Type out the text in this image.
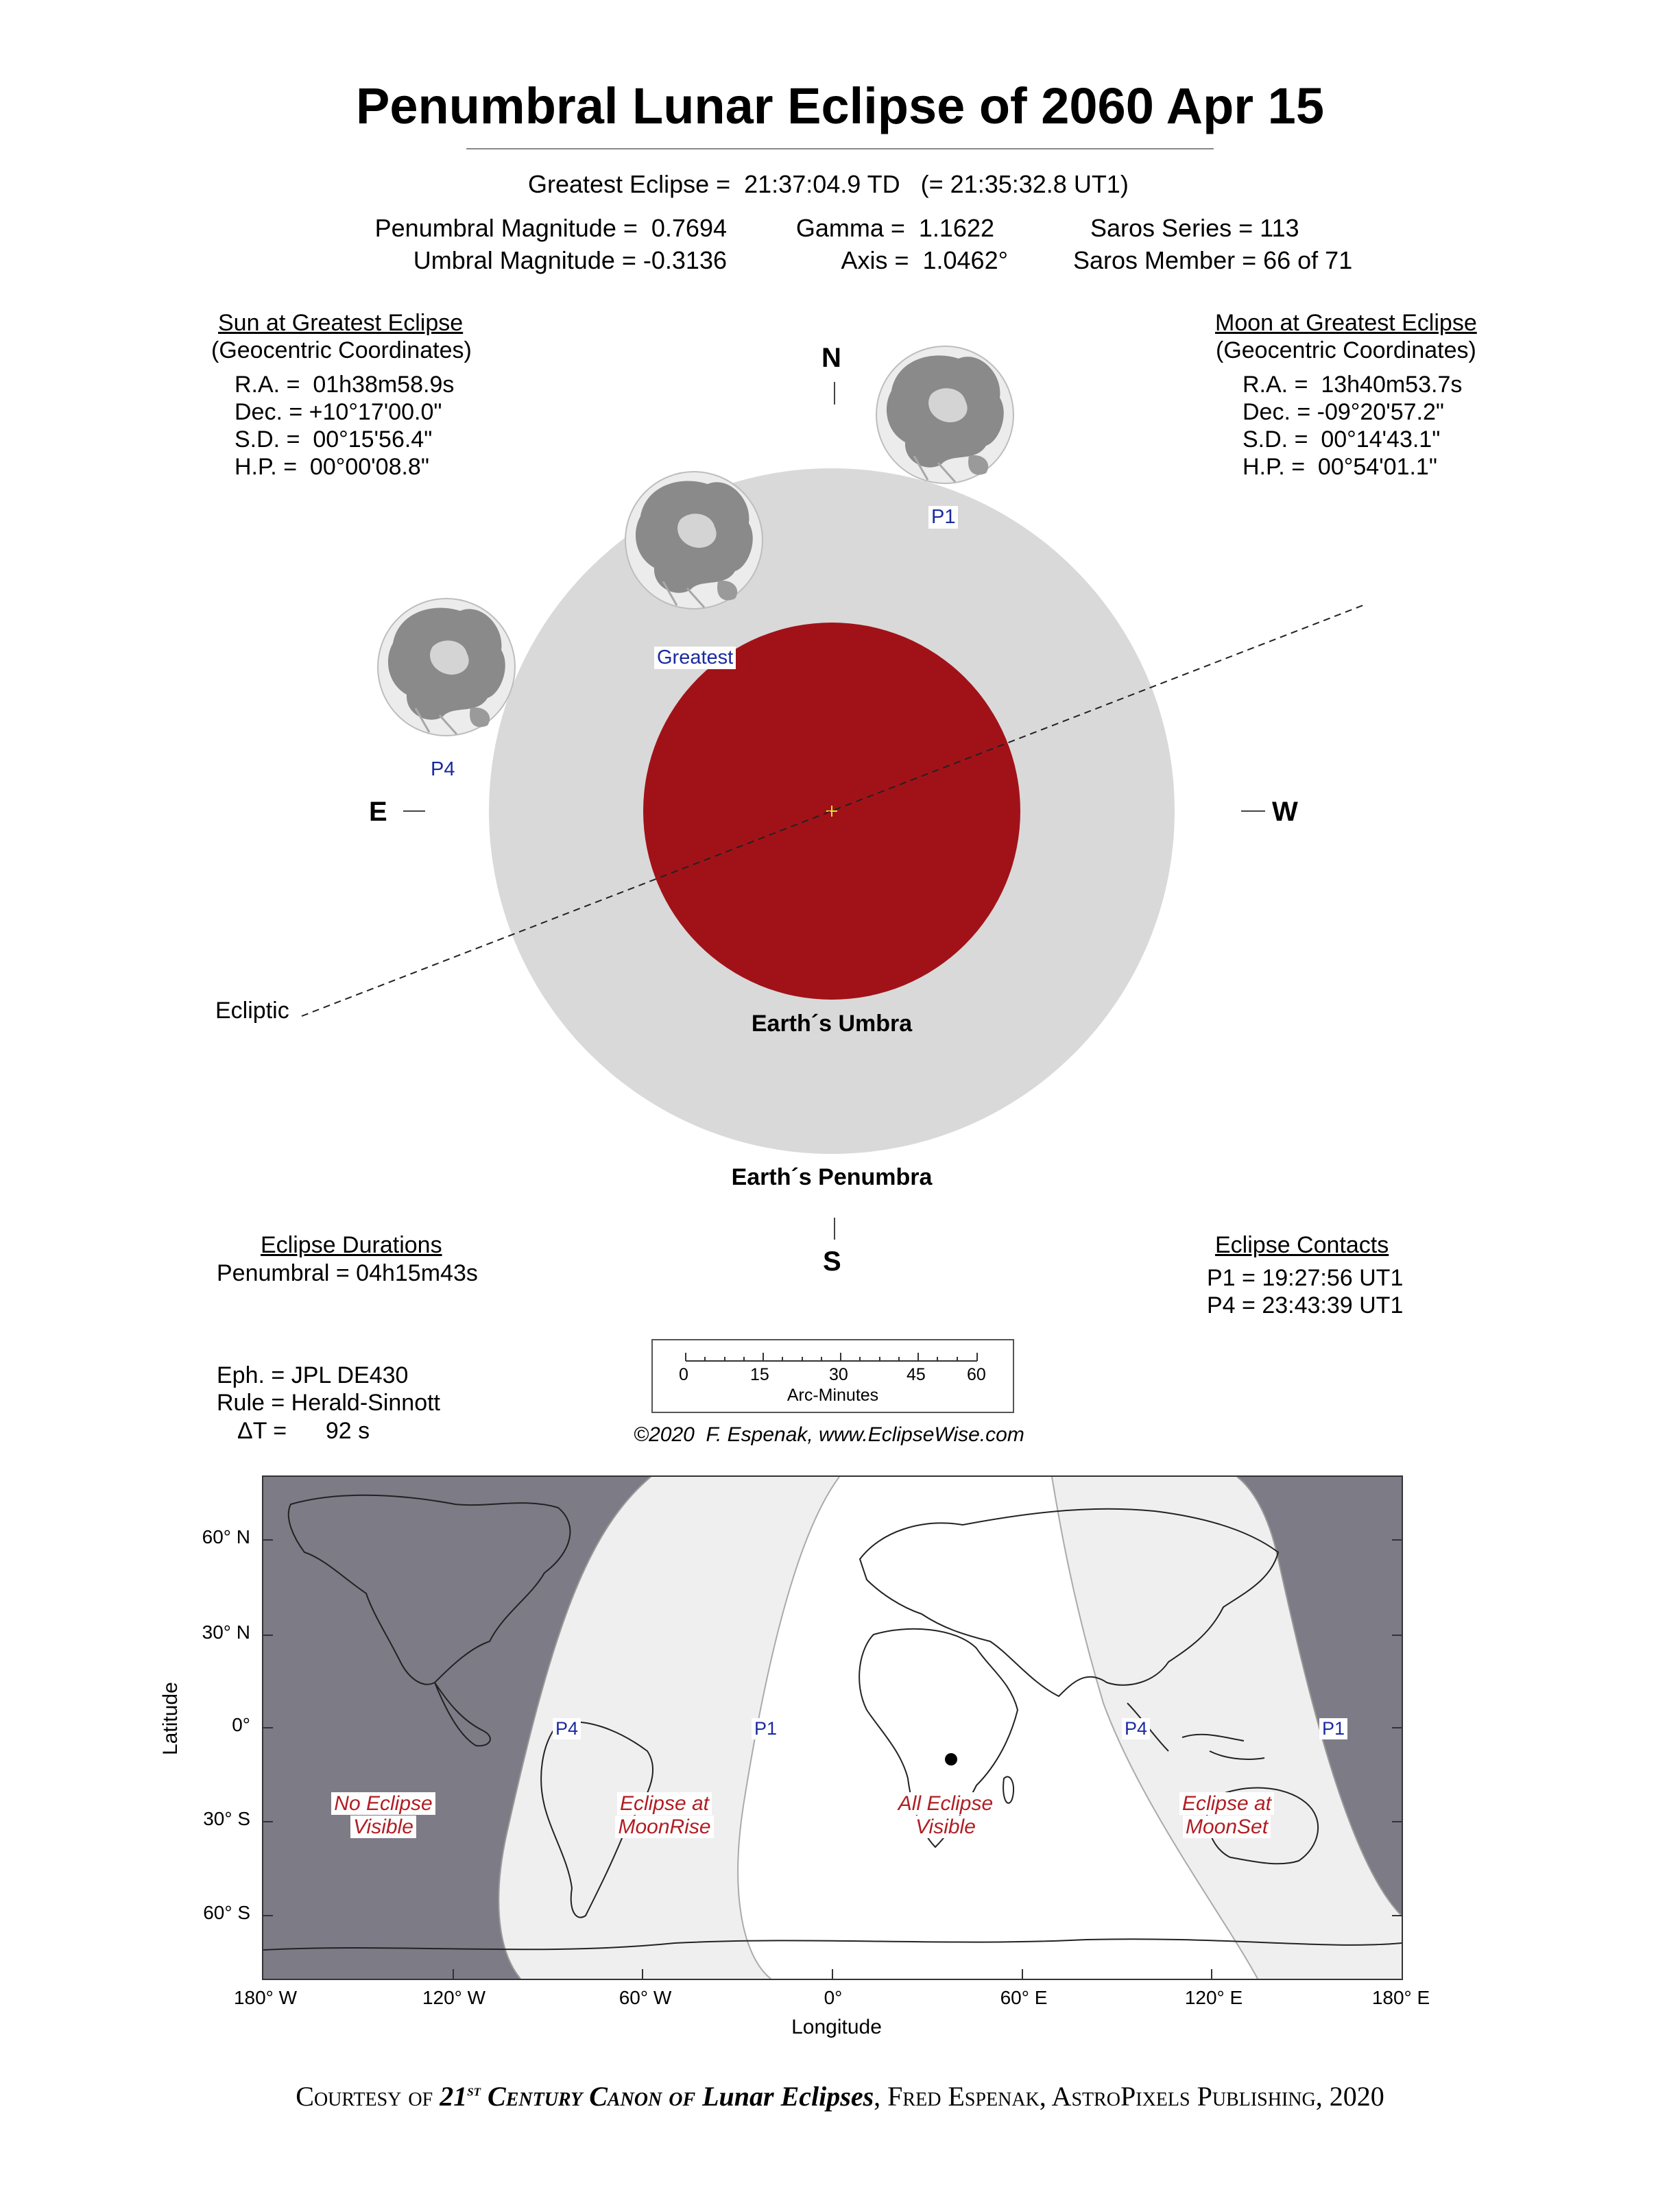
Penumbral Lunar Eclipse of 2060 Apr 15
Greatest Eclipse =  21:37:04.9 TD   (= 21:35:32.8 UT1)
Penumbral Magnitude =  0.7694
Umbral Magnitude = -0.3136
Gamma =  1.1622
Axis =  1.0462°
Saros Series = 113
Saros Member = 66 of 71
Sun at Greatest Eclipse
(Geocentric Coordinates)
R.A. =  01h38m58.9s
Dec. = +10°17'00.0"
S.D. =  00°15'56.4"
H.P. =  00°00'08.8"
Moon at Greatest Eclipse
(Geocentric Coordinates)
R.A. =  13h40m53.7s
Dec. = -09°20'57.2"
S.D. =  00°14'43.1"
H.P. =  00°54'01.1"
N
S
E	W
Ecliptic	Earth´s Umbra
Earth´s Penumbra
P1
Greatest
P4
Eclipse Durations
Penumbral = 04h15m43s
Eclipse Contacts
P1 = 19:27:56 UT1
P4 = 23:43:39 UT1
Eph. = JPL DE430
Rule = Herald-Sinnott
ΔT =      92 s
0	15	30	45 60
Arc-Minutes
©2020  F. Espenak, www.EclipseWise.com
No Eclipse
Visible
Eclipse at
MoonRise
All Eclipse
Visible
Eclipse at
MoonSet
P4	P1	P4	P1
60° N
30° N
0°
30° S
60° S
Latitude
180° W	120° W	60° W	0°	60° E	120° E	180° E
Longitude
Courtesy of 21st Century Canon of Lunar Eclipses, Fred Espenak, AstroPixels Publishing, 2020
